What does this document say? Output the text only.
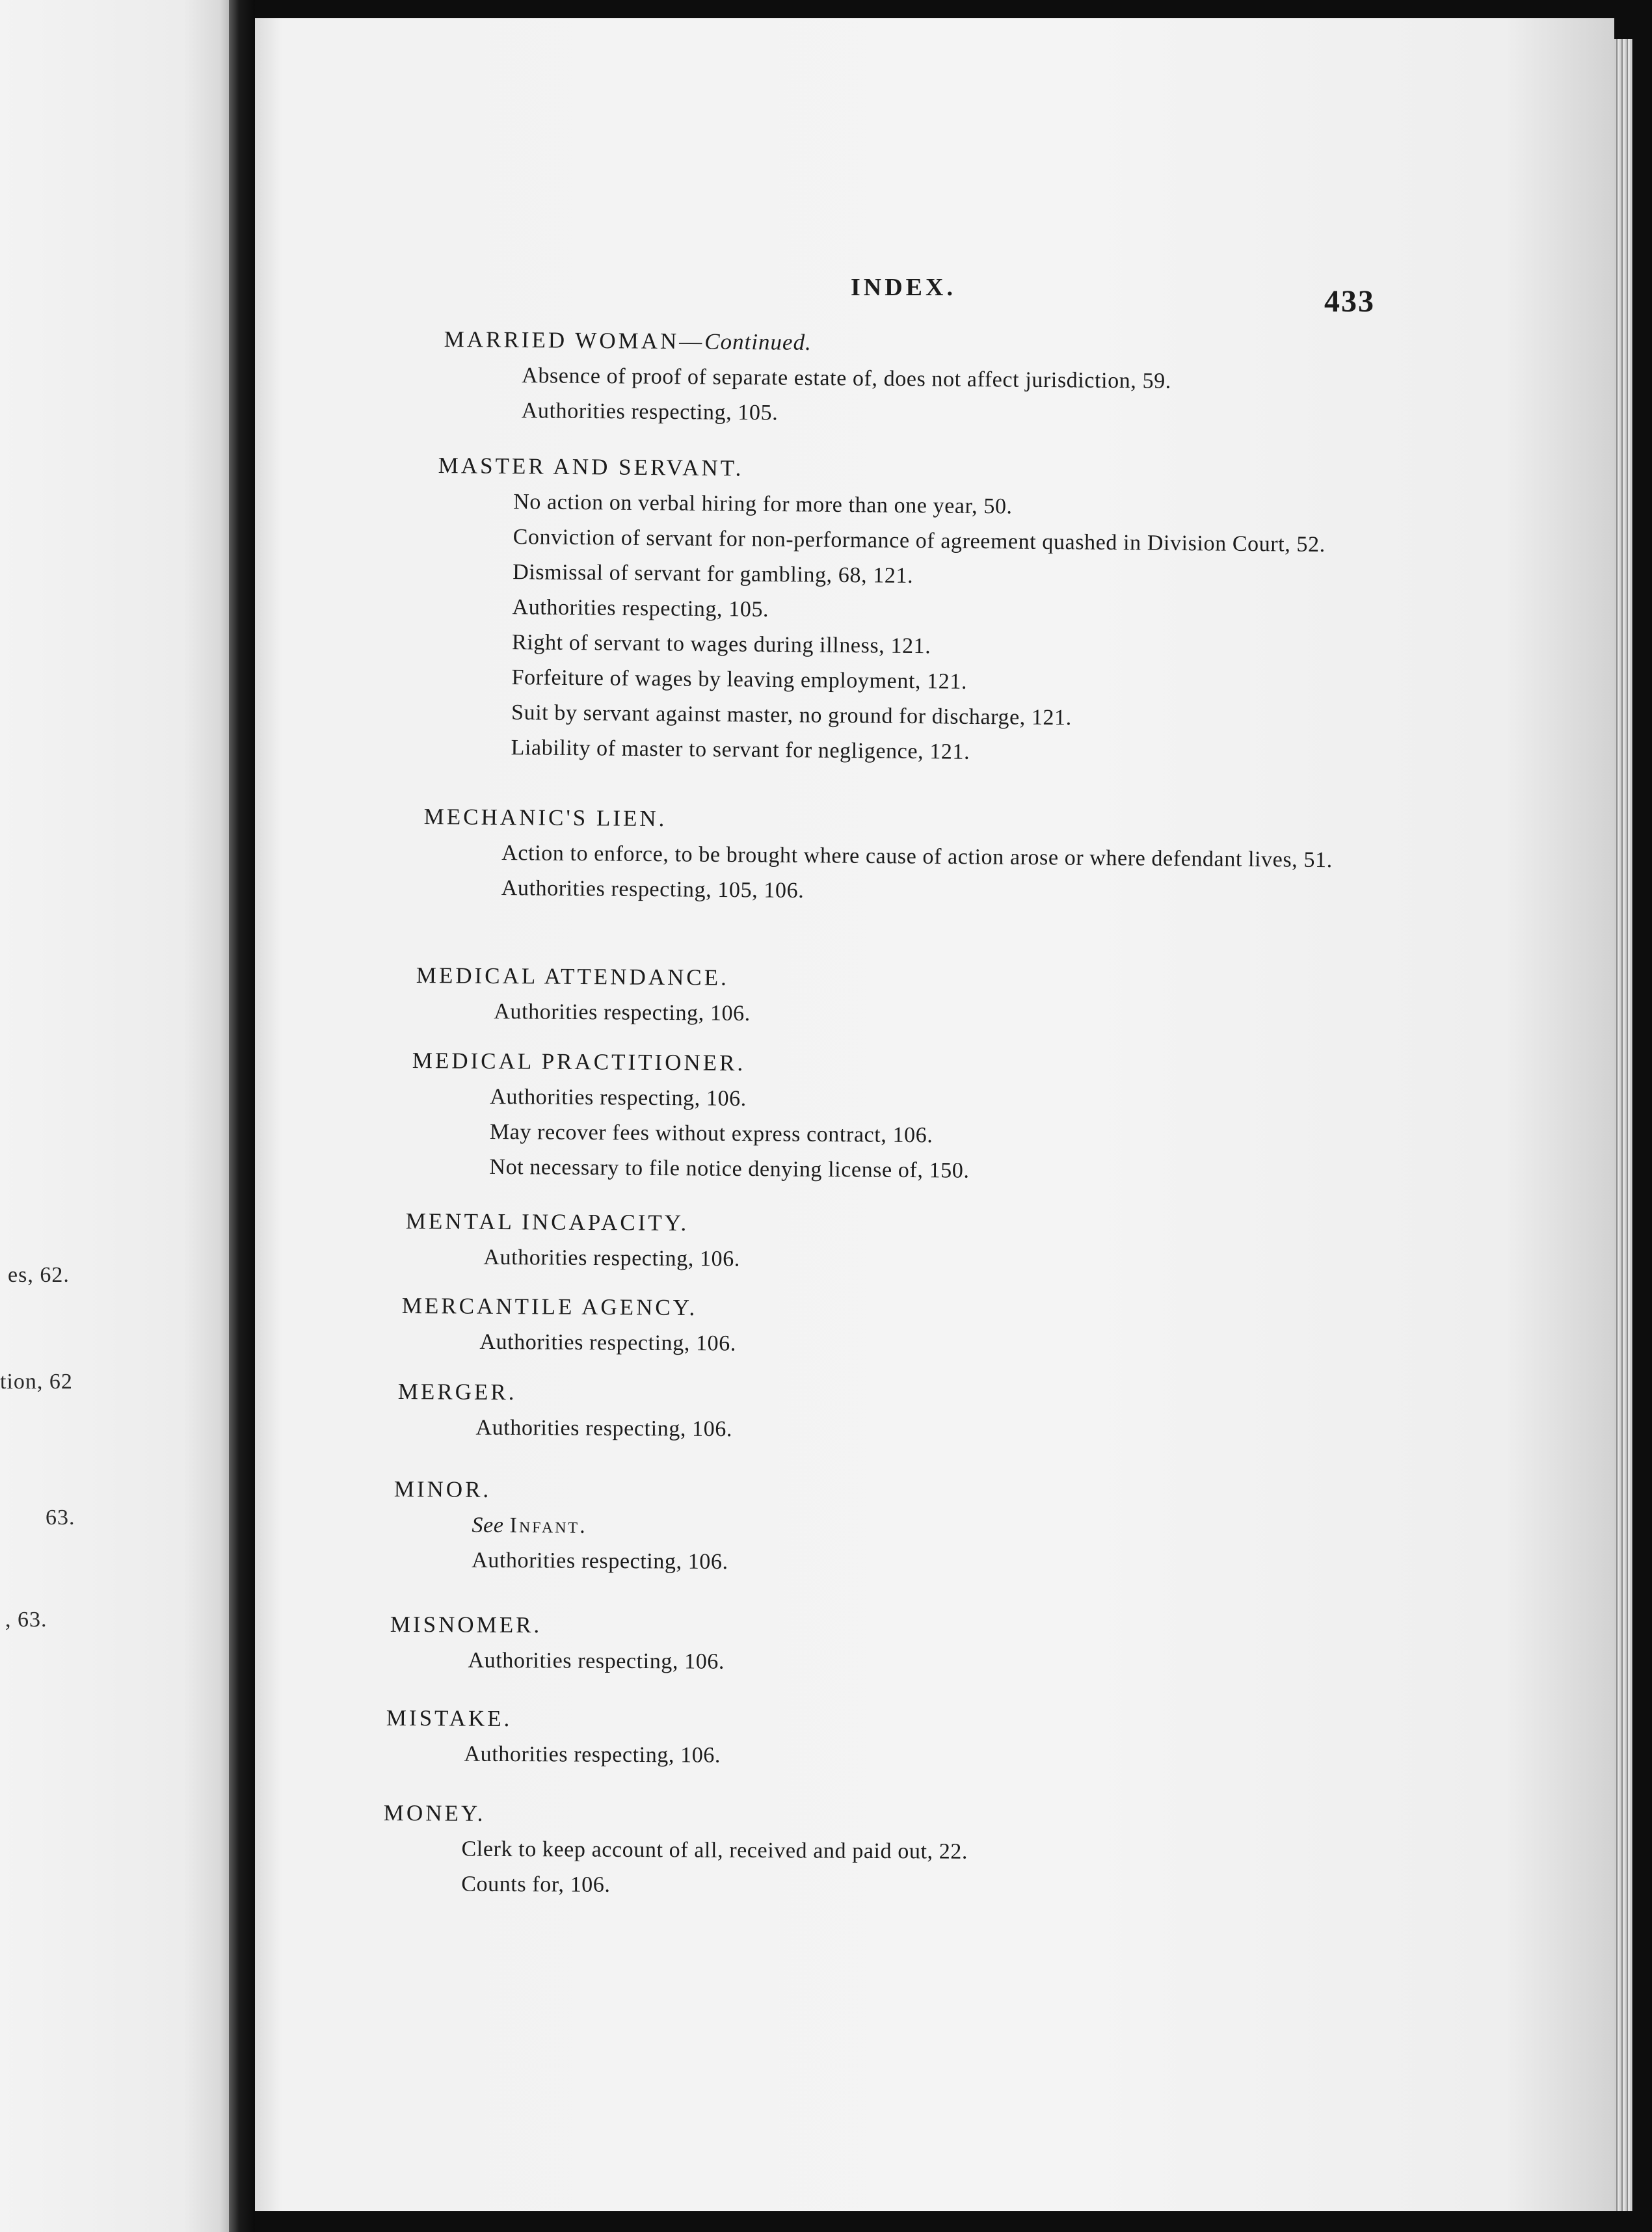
es, 62.
tion, 62
63.
, 63.
INDEX.	433
MARRIED WOMAN—Continued.
Absence of proof of separate estate of, does not affect jurisdiction, 59.
Authorities respecting, 105.
MASTER AND SERVANT.
No action on verbal hiring for more than one year, 50.
Conviction of servant for non-performance of agreement quashed in Division Court, 52.
Dismissal of servant for gambling, 68, 121.
Authorities respecting, 105.
Right of servant to wages during illness, 121.
Forfeiture of wages by leaving employment, 121.
Suit by servant against master, no ground for discharge, 121.
Liability of master to servant for negligence, 121.
MECHANIC'S LIEN.
Action to enforce, to be brought where cause of action arose or where defendant lives, 51.
Authorities respecting, 105, 106.
MEDICAL ATTENDANCE.
Authorities respecting, 106.
MEDICAL PRACTITIONER.
Authorities respecting, 106.
May recover fees without express contract, 106.
Not necessary to file notice denying license of, 150.
MENTAL INCAPACITY.
Authorities respecting, 106.
MERCANTILE AGENCY.
Authorities respecting, 106.
MERGER.
Authorities respecting, 106.
MINOR.
See Infant.
Authorities respecting, 106.
MISNOMER.
Authorities respecting, 106.
MISTAKE.
Authorities respecting, 106.
MONEY.
Clerk to keep account of all, received and paid out, 22.
Counts for, 106.
